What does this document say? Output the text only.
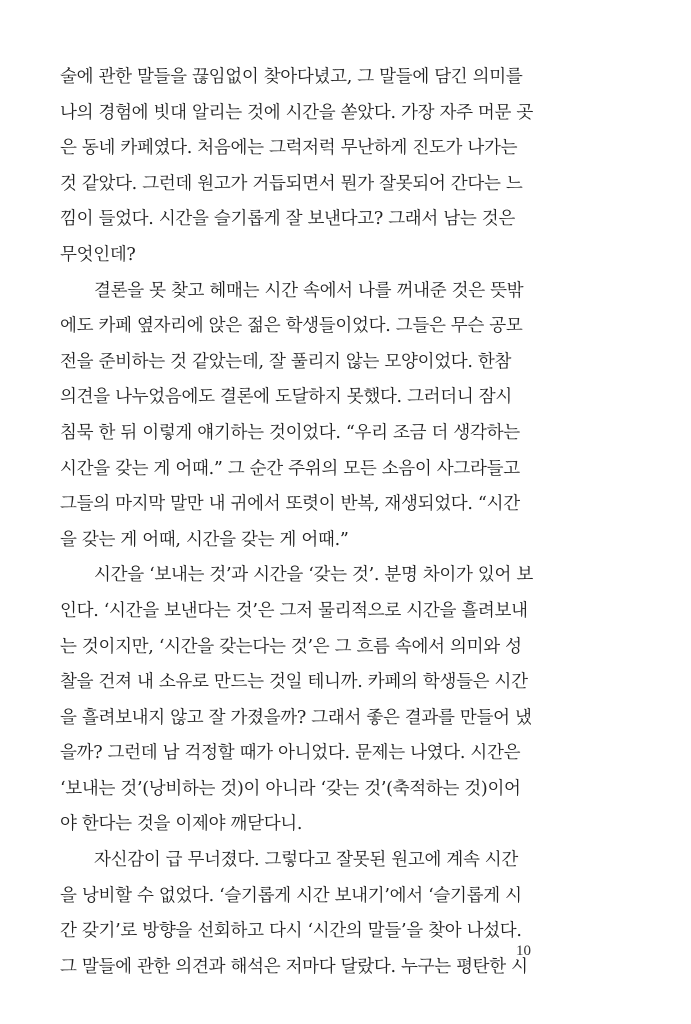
술에 관한 말들을 끊임없이 찾아다녔고, 그 말들에 담긴 의미를
나의 경험에 빗대 알리는 것에 시간을 쏟았다. 가장 자주 머문 곳
은 동네 카페였다. 처음에는 그럭저럭 무난하게 진도가 나가는
것 같았다. 그런데 원고가 거듭되면서 뭔가 잘못되어 간다는 느
낌이 들었다. 시간을 슬기롭게 잘 보낸다고? 그래서 남는 것은
무엇인데?
결론을 못 찾고 헤매는 시간 속에서 나를 꺼내준 것은 뜻밖
에도 카페 옆자리에 앉은 젊은 학생들이었다. 그들은 무슨 공모
전을 준비하는 것 같았는데, 잘 풀리지 않는 모양이었다. 한참
의견을 나누었음에도 결론에 도달하지 못했다. 그러더니 잠시
침묵 한 뒤 이렇게 얘기하는 것이었다. “우리 조금 더 생각하는
시간을 갖는 게 어때.” 그 순간 주위의 모든 소음이 사그라들고
그들의 마지막 말만 내 귀에서 또렷이 반복, 재생되었다. “시간
을 갖는 게 어때, 시간을 갖는 게 어때.”
시간을 ‘보내는 것’과 시간을 ‘갖는 것’. 분명 차이가 있어 보
인다. ‘시간을 보낸다는 것’은 그저 물리적으로 시간을 흘려보내
는 것이지만, ‘시간을 갖는다는 것’은 그 흐름 속에서 의미와 성
찰을 건져 내 소유로 만드는 것일 테니까. 카페의 학생들은 시간
을 흘려보내지 않고 잘 가졌을까? 그래서 좋은 결과를 만들어 냈
을까? 그런데 남 걱정할 때가 아니었다. 문제는 나였다. 시간은
‘보내는 것’(낭비하는 것)이 아니라 ‘갖는 것’(축적하는 것)이어
야 한다는 것을 이제야 깨닫다니.
자신감이 급 무너졌다. 그렇다고 잘못된 원고에 계속 시간
을 낭비할 수 없었다. ‘슬기롭게 시간 보내기’에서 ‘슬기롭게 시
간 갖기’로 방향을 선회하고 다시 ‘시간의 말들’을 찾아 나섰다.
그 말들에 관한 의견과 해석은 저마다 달랐다. 누구는 평탄한 시
10
